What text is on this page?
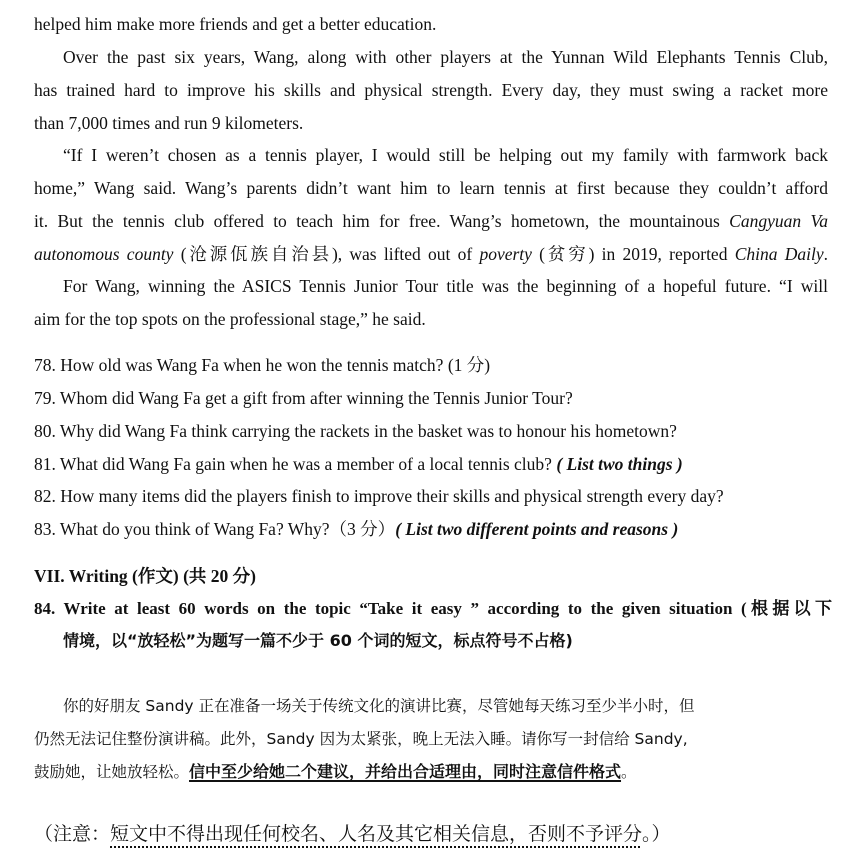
helped him make more friends and get a better education.
Over the past six years, Wang, along with other players at the Yunnan Wild Elephants Tennis Club,
has trained hard to improve his skills and physical strength. Every day, they must swing a racket more
than 7,000 times and run 9 kilometers.
“If I weren’t chosen as a tennis player, I would still be helping out my family with farmwork back
home,” Wang said. Wang’s parents didn’t want him to learn tennis at first because they couldn’t afford
it. But the tennis club offered to teach him for free. Wang’s hometown, the mountainous Cangyuan Va
autonomous county (沧源佤族自治县), was lifted out of poverty (贫穷) in 2019, reported China Daily.
For Wang, winning the ASICS Tennis Junior Tour title was the beginning of a hopeful future. “I will
aim for the top spots on the professional stage,” he said.
78. How old was Wang Fa when he won the tennis match? (1 分)
79. Whom did Wang Fa get a gift from after winning the Tennis Junior Tour?
80. Why did Wang Fa think carrying the rackets in the basket was to honour his hometown?
81. What did Wang Fa gain when he was a member of a local tennis club? ( List two things )
82. How many items did the players finish to improve their skills and physical strength every day?
83. What do you think of Wang Fa? Why?（3 分）( List two different points and reasons )
VII. Writing (作文) (共 20 分)
84. Write at least 60 words on the topic “Take it easy ” according to the given situation (根据以下
情境，以“放轻松”为题写一篇不少于 60 个词的短文，标点符号不占格)
你的好朋友 Sandy 正在准备一场关于传统文化的演讲比赛，尽管她每天练习至少半小时，但
仍然无法记住整份演讲稿。此外，Sandy 因为太紧张，晚上无法入睡。请你写一封信给 Sandy,
鼓励她，让她放轻松。信中至少给她二个建议，并给出合适理由，同时注意信件格式。
（注意：短文中不得出现任何校名、人名及其它相关信息，否则不予评分。）
